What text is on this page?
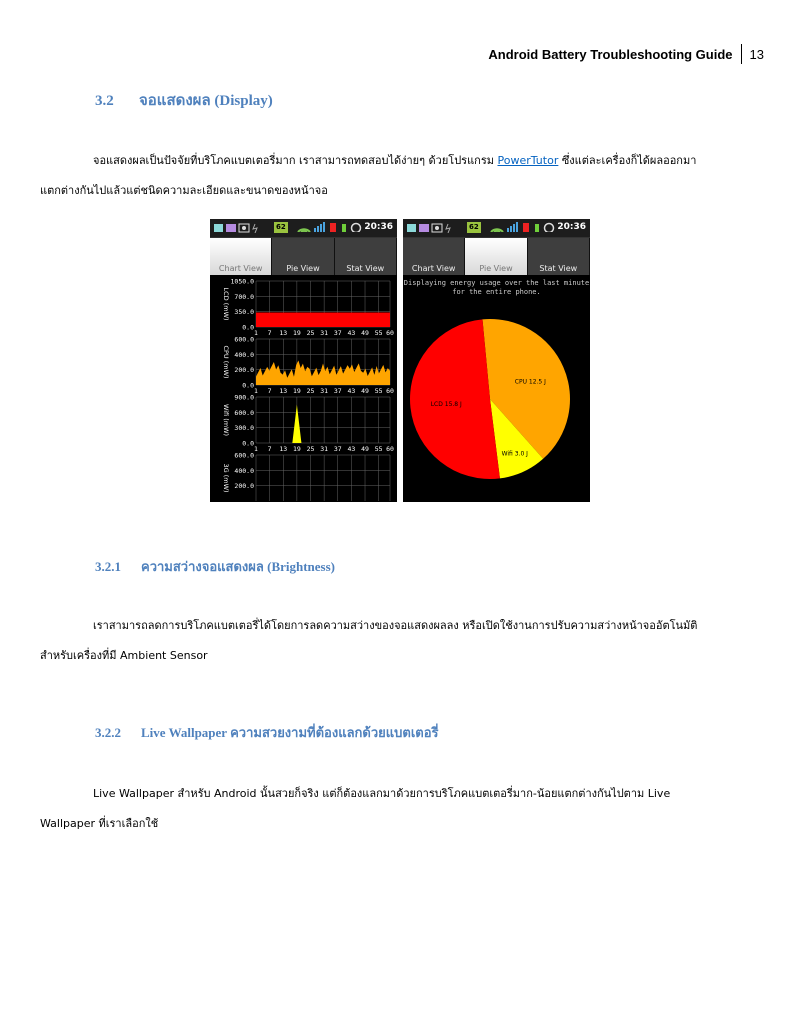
Android Battery Troubleshooting Guide 13
3.2 จอแสดงผล (Display)
จอแสดงผลเป็นปัจจัยที่บริโภคแบตเตอรี่มาก เราสามารถทดสอบได้ง่ายๆ ด้วยโปรแกรม PowerTutor ซึ่งแต่ละเครื่องก็ได้ผลออกมา
แตกต่างกันไปแล้วแต่ชนิดความละเอียดและขนาดของหน้าจอ
62	20:36
Chart View	Pie View	Stat View
1050.0
700.0
350.0
0.0
LCD (mW)
1 7 13 19 25 31 37 43 49 55 60
600.0
400.0
200.0
0.0
CPU (mW)
1 7 13 19 25 31 37 43 49 55 60
900.0
600.0
300.0
0.0
Wifi (mW)
1 7 13 19 25 31 37 43 49 55 60
600.0
400.0
200.0
3G (mW)
62	20:36
Chart View	Pie View	Stat View
Displaying energy usage over the last minute
for the entire phone.
CPU 12.5 J
Wifi 3.0 J
LCD 15.8 J
3.2.1 ความสว่างจอแสดงผล (Brightness)
เราสามารถลดการบริโภคแบตเตอรี่ได้โดยการลดความสว่างของจอแสดงผลลง หรือเปิดใช้งานการปรับความสว่างหน้าจออัตโนมัติ
สำหรับเครื่องที่มี Ambient Sensor
3.2.2 Live Wallpaper ความสวยงามที่ต้องแลกด้วยแบตเตอรี่
Live Wallpaper สำหรับ Android นั้นสวยก็จริง แต่ก็ต้องแลกมาด้วยการบริโภคแบตเตอรี่มาก-น้อยแตกต่างกันไปตาม Live
Wallpaper ที่เราเลือกใช้
